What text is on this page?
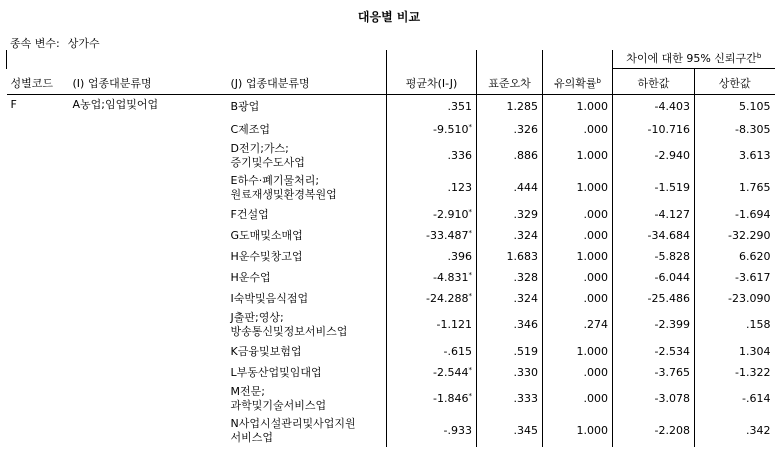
대응별 비교
종속 변수: 상가수
						차이에 대한 95% 신뢰구간$^b$
성별코드	(I) 업종대분류명	(J) 업종대분류명	평균차(I-J)	표준오차	유의확률$^b$	하한값	상한값
F	A농업;임업및어업	B광업	.351	1.285	1.000	-4.403	5.105
		C제조업	-9.510*	.326	.000	-10.716	-8.305

		D전기;가스;
증기및수도사업	.336	.886	1.000	-2.940	3.613

		E하수·폐기물처리;
원료재생및환경복원업	.123	.444	1.000	-1.519	1.765
		F건설업	-2.910*	.329	.000	-4.127	-1.694
		G도매및소매업	-33.487*	.324	.000	-34.684	-32.290
		H운수및창고업	.396	1.683	1.000	-5.828	6.620
		H운수업	-4.831*	.328	.000	-6.044	-3.617
		I숙박및음식점업	-24.288*	.324	.000	-25.486	-23.090

		J출판;영상;
방송통신및정보서비스업	-1.121	.346	.274	-2.399	.158
		K금융및보험업	-.615	.519	1.000	-2.534	1.304
		L부동산업및임대업	-2.544*	.330	.000	-3.765	-1.322

		M전문;
과학및기술서비스업	-1.846*	.333	.000	-3.078	-.614

		N사업시설관리및사업지원
서비스업	-.933	.345	1.000	-2.208	.342
